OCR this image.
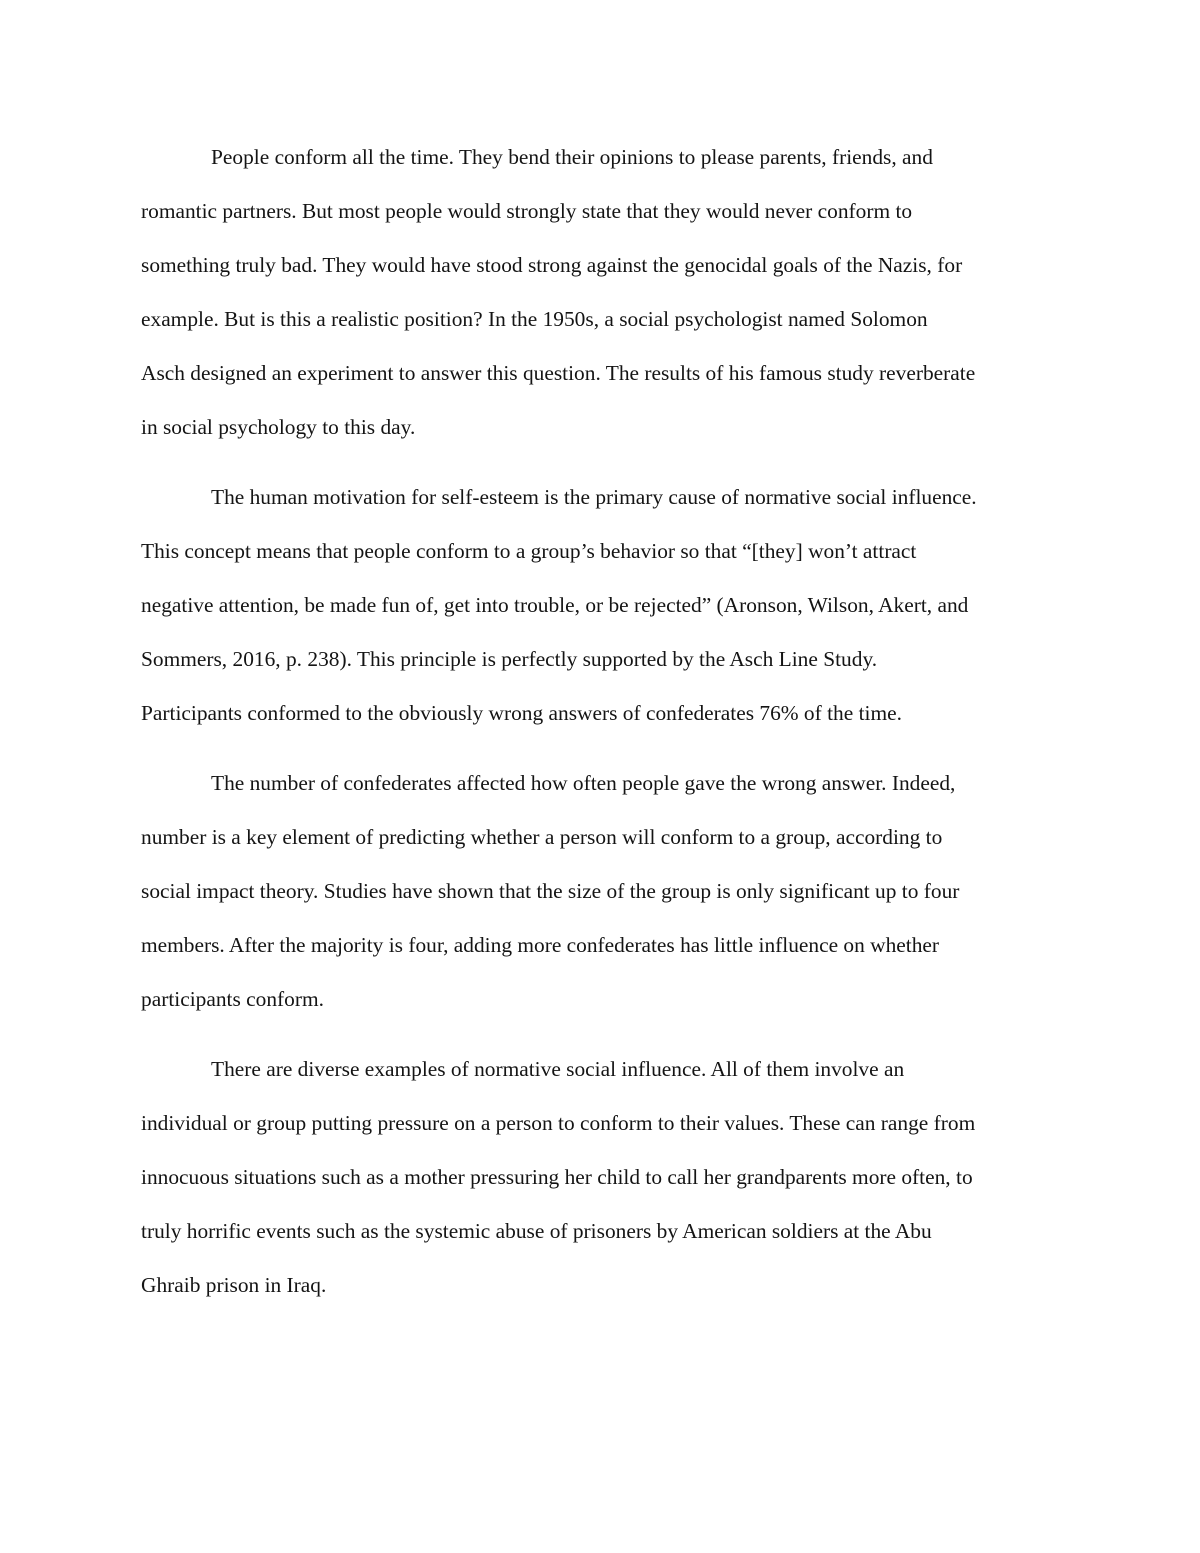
People conform all the time. They bend their opinions to please parents, friends, and

romantic partners. But most people would strongly state that they would never conform to

something truly bad. They would have stood strong against the genocidal goals of the Nazis, for

example. But is this a realistic position? In the 1950s, a social psychologist named Solomon

Asch designed an experiment to answer this question. The results of his famous study reverberate

in social psychology to this day.

The human motivation for self-esteem is the primary cause of normative social influence.

This concept means that people conform to a group’s behavior so that “[they] won’t attract

negative attention, be made fun of, get into trouble, or be rejected” (Aronson, Wilson, Akert, and

Sommers, 2016, p. 238). This principle is perfectly supported by the Asch Line Study.

Participants conformed to the obviously wrong answers of confederates 76% of the time.

The number of confederates affected how often people gave the wrong answer. Indeed,

number is a key element of predicting whether a person will conform to a group, according to

social impact theory. Studies have shown that the size of the group is only significant up to four

members. After the majority is four, adding more confederates has little influence on whether

participants conform.

There are diverse examples of normative social influence. All of them involve an

individual or group putting pressure on a person to conform to their values. These can range from

innocuous situations such as a mother pressuring her child to call her grandparents more often, to

truly horrific events such as the systemic abuse of prisoners by American soldiers at the Abu

Ghraib prison in Iraq.
